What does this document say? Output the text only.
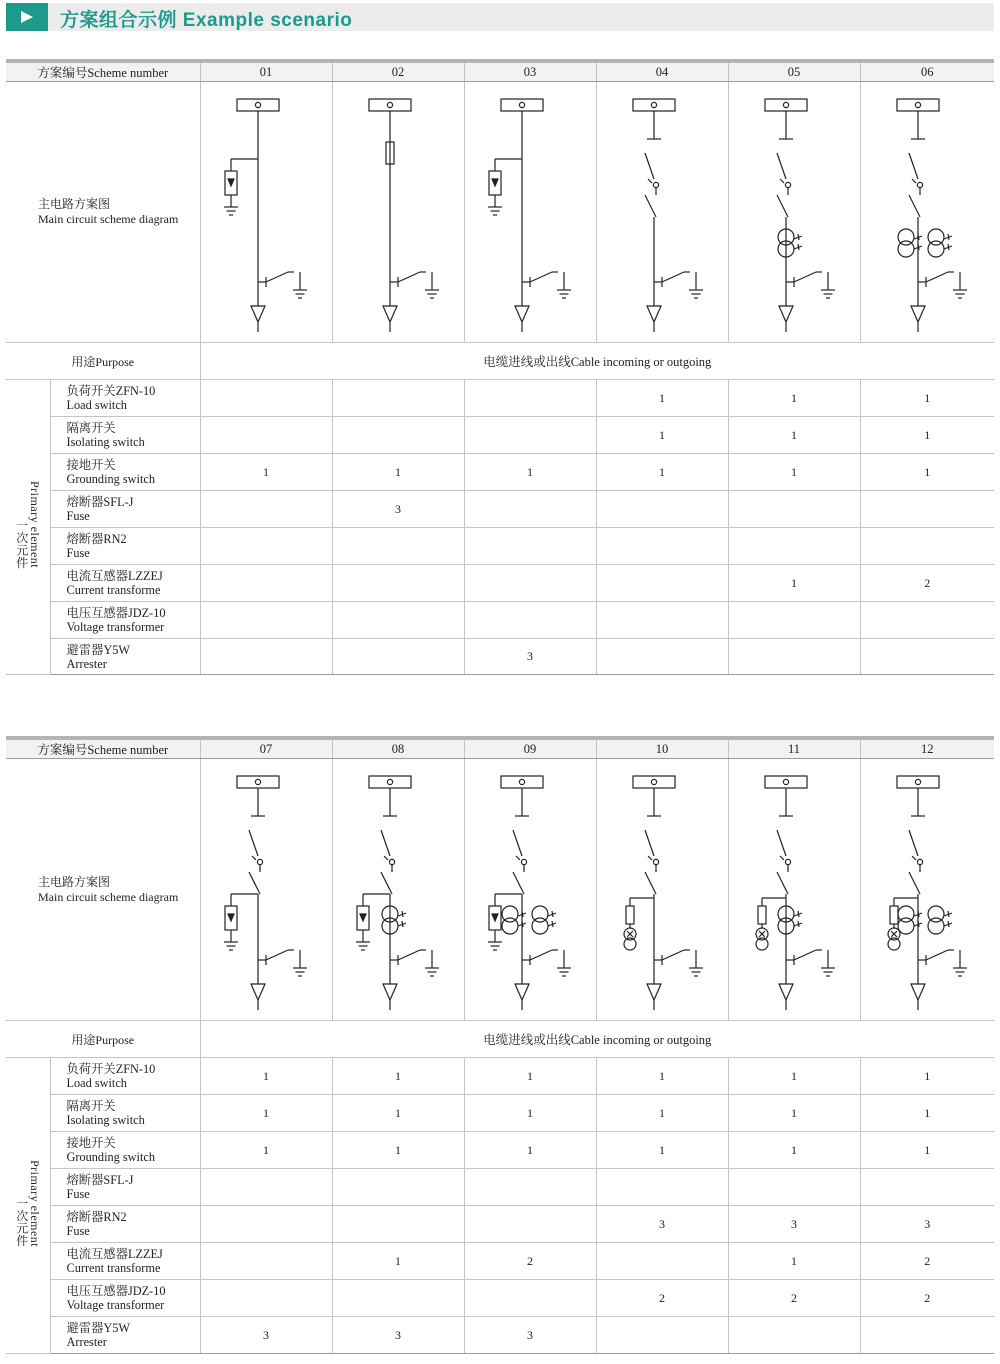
方案组合示例 Example scenario
方案编号Scheme number		01	02	03	04	05	06

主电路方案图
Main circuit scheme diagram

用途Purpose		电缆进线或出线Cable incoming or outgoing					
一次元件Primary element	负荷开关ZFN-10
Load switch				1	1	1

	隔离开关
Isolating switch				1	1	1

	接地开关
Grounding switch	1	1	1	1	1	1

	熔断器SFL-J
Fuse		3				

	熔断器RN2
Fuse						

	电流互感器LZZEJ
Current transforme					1	2

	电压互感器JDZ-10
Voltage transformer						

	避雷器Y5W
Arrester			3			
方案编号Scheme number		07	08	09	10	11	12

主电路方案图
Main circuit scheme diagram

用途Purpose		电缆进线或出线Cable incoming or outgoing					
一次元件Primary element	负荷开关ZFN-10
Load switch	1	1	1	1	1	1

	隔离开关
Isolating switch	1	1	1	1	1	1

	接地开关
Grounding switch	1	1	1	1	1	1

	熔断器SFL-J
Fuse						

	熔断器RN2
Fuse				3	3	3

	电流互感器LZZEJ
Current transforme		1	2		1	2

	电压互感器JDZ-10
Voltage transformer				2	2	2

	避雷器Y5W
Arrester	3	3	3			
